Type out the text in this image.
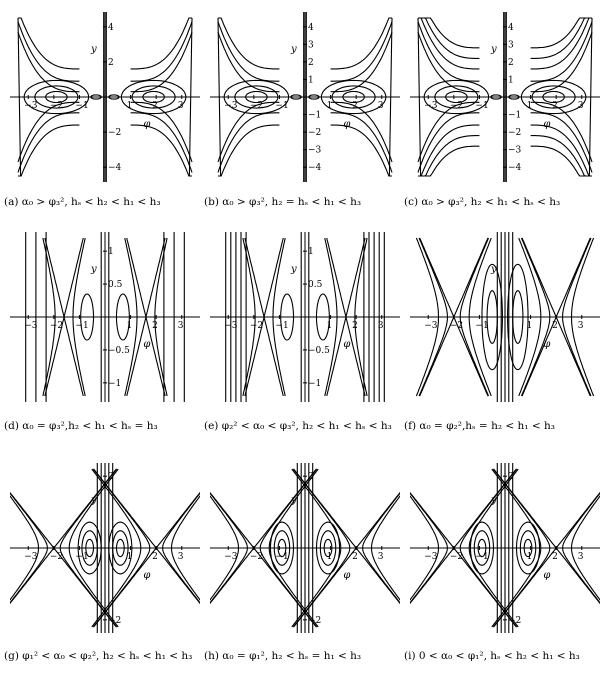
−3 −2 −1	1 2 3
4
2
−2
−4
φ
y
(a) α₀ > φ₃², hₛ < h₂ < h₁ < h₃
−3 −2 −1	1 2 3
4
3
2
1
−1
−2
−3
−4
φ
y
(b) α₀ > φ₃², h₂ = hₛ < h₁ < h₃
−3 −2 −1	1 2 3
4
3
2
1
−1
−2
−3
−4
φ
y
(c) α₀ > φ₃², h₂ < h₁ < hₛ < h₃
−3 −2 −1	1 2 3
1
0.5
−0.5
−1
φ
y
(d) α₀ = φ₃²,h₂ < h₁ < hₛ = h₃
−3 −2 −1	1 2 3
1
0.5
−0.5
−1
φ
y
(e) φ₂² < α₀ < φ₃², h₂ < h₁ < hₛ < h₃
−3 −2 −1	1 2 3
φ
y
(f) α₀ = φ₂²,hₛ = h₂ < h₁ < h₃
−3 −2 −1	1 2 3
2
−2
φ
y
(g) φ₁² < α₀ < φ₂², h₂ < hₛ < h₁ < h₃
−3 −2 −1	1 2 3
2
−2
φ
y
(h) α₀ = φ₁², h₂ < hₛ = h₁ < h₃
−3 −2 −1	1 2 3
2
−2
φ
y
(i) 0 < α₀ < φ₁², hₛ < h₂ < h₁ < h₃
